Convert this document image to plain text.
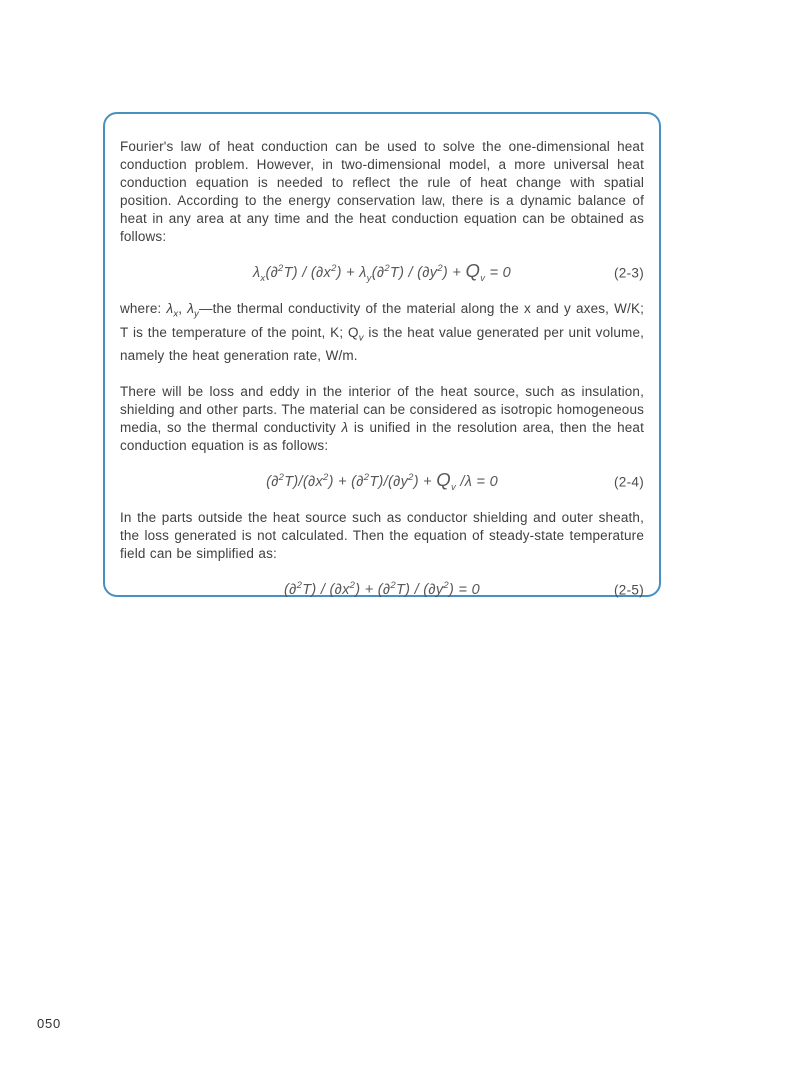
Fourier's law of heat conduction can be used to solve the one-dimensional heat conduction problem. However, in two-dimensional model, a more universal heat conduction equation is needed to reflect the rule of heat change with spatial position. According to the energy conservation law, there is a dynamic balance of heat in any area at any time and the heat conduction equation can be obtained as follows:

$\lambda_x(\partial^2T) / (\partial x^2) + \lambda_y(\partial^2T) / (\partial y^2) + Q_v = 0$	(2-3)

where: $\lambda_x$, $\lambda_y—the$ thermal conductivity of the material along the x and y axes, W/K; T is the temperature of the point, K; $Q_v$ is the heat value generated per unit volume, namely the heat generation rate, W/m.

There will be loss and eddy in the interior of the heat source, such as insulation, shielding and other parts. The material can be considered as isotropic homogeneous media, so the thermal conductivity λ is unified in the resolution area, then the heat conduction equation is as follows:

$(\partial^2T)/(\partial x^2) + (\partial^2T)/(\partial y^2) + Q_v$ /λ = 0	(2-4)

In the parts outside the heat source such as conductor shielding and outer sheath, the loss generated is not calculated. Then the equation of steady-state temperature field can be simplified as:

$(\partial^2T) / (\partial x^2) + (\partial^2T) / (\partial y^2) = 0$	(2-5)
050
